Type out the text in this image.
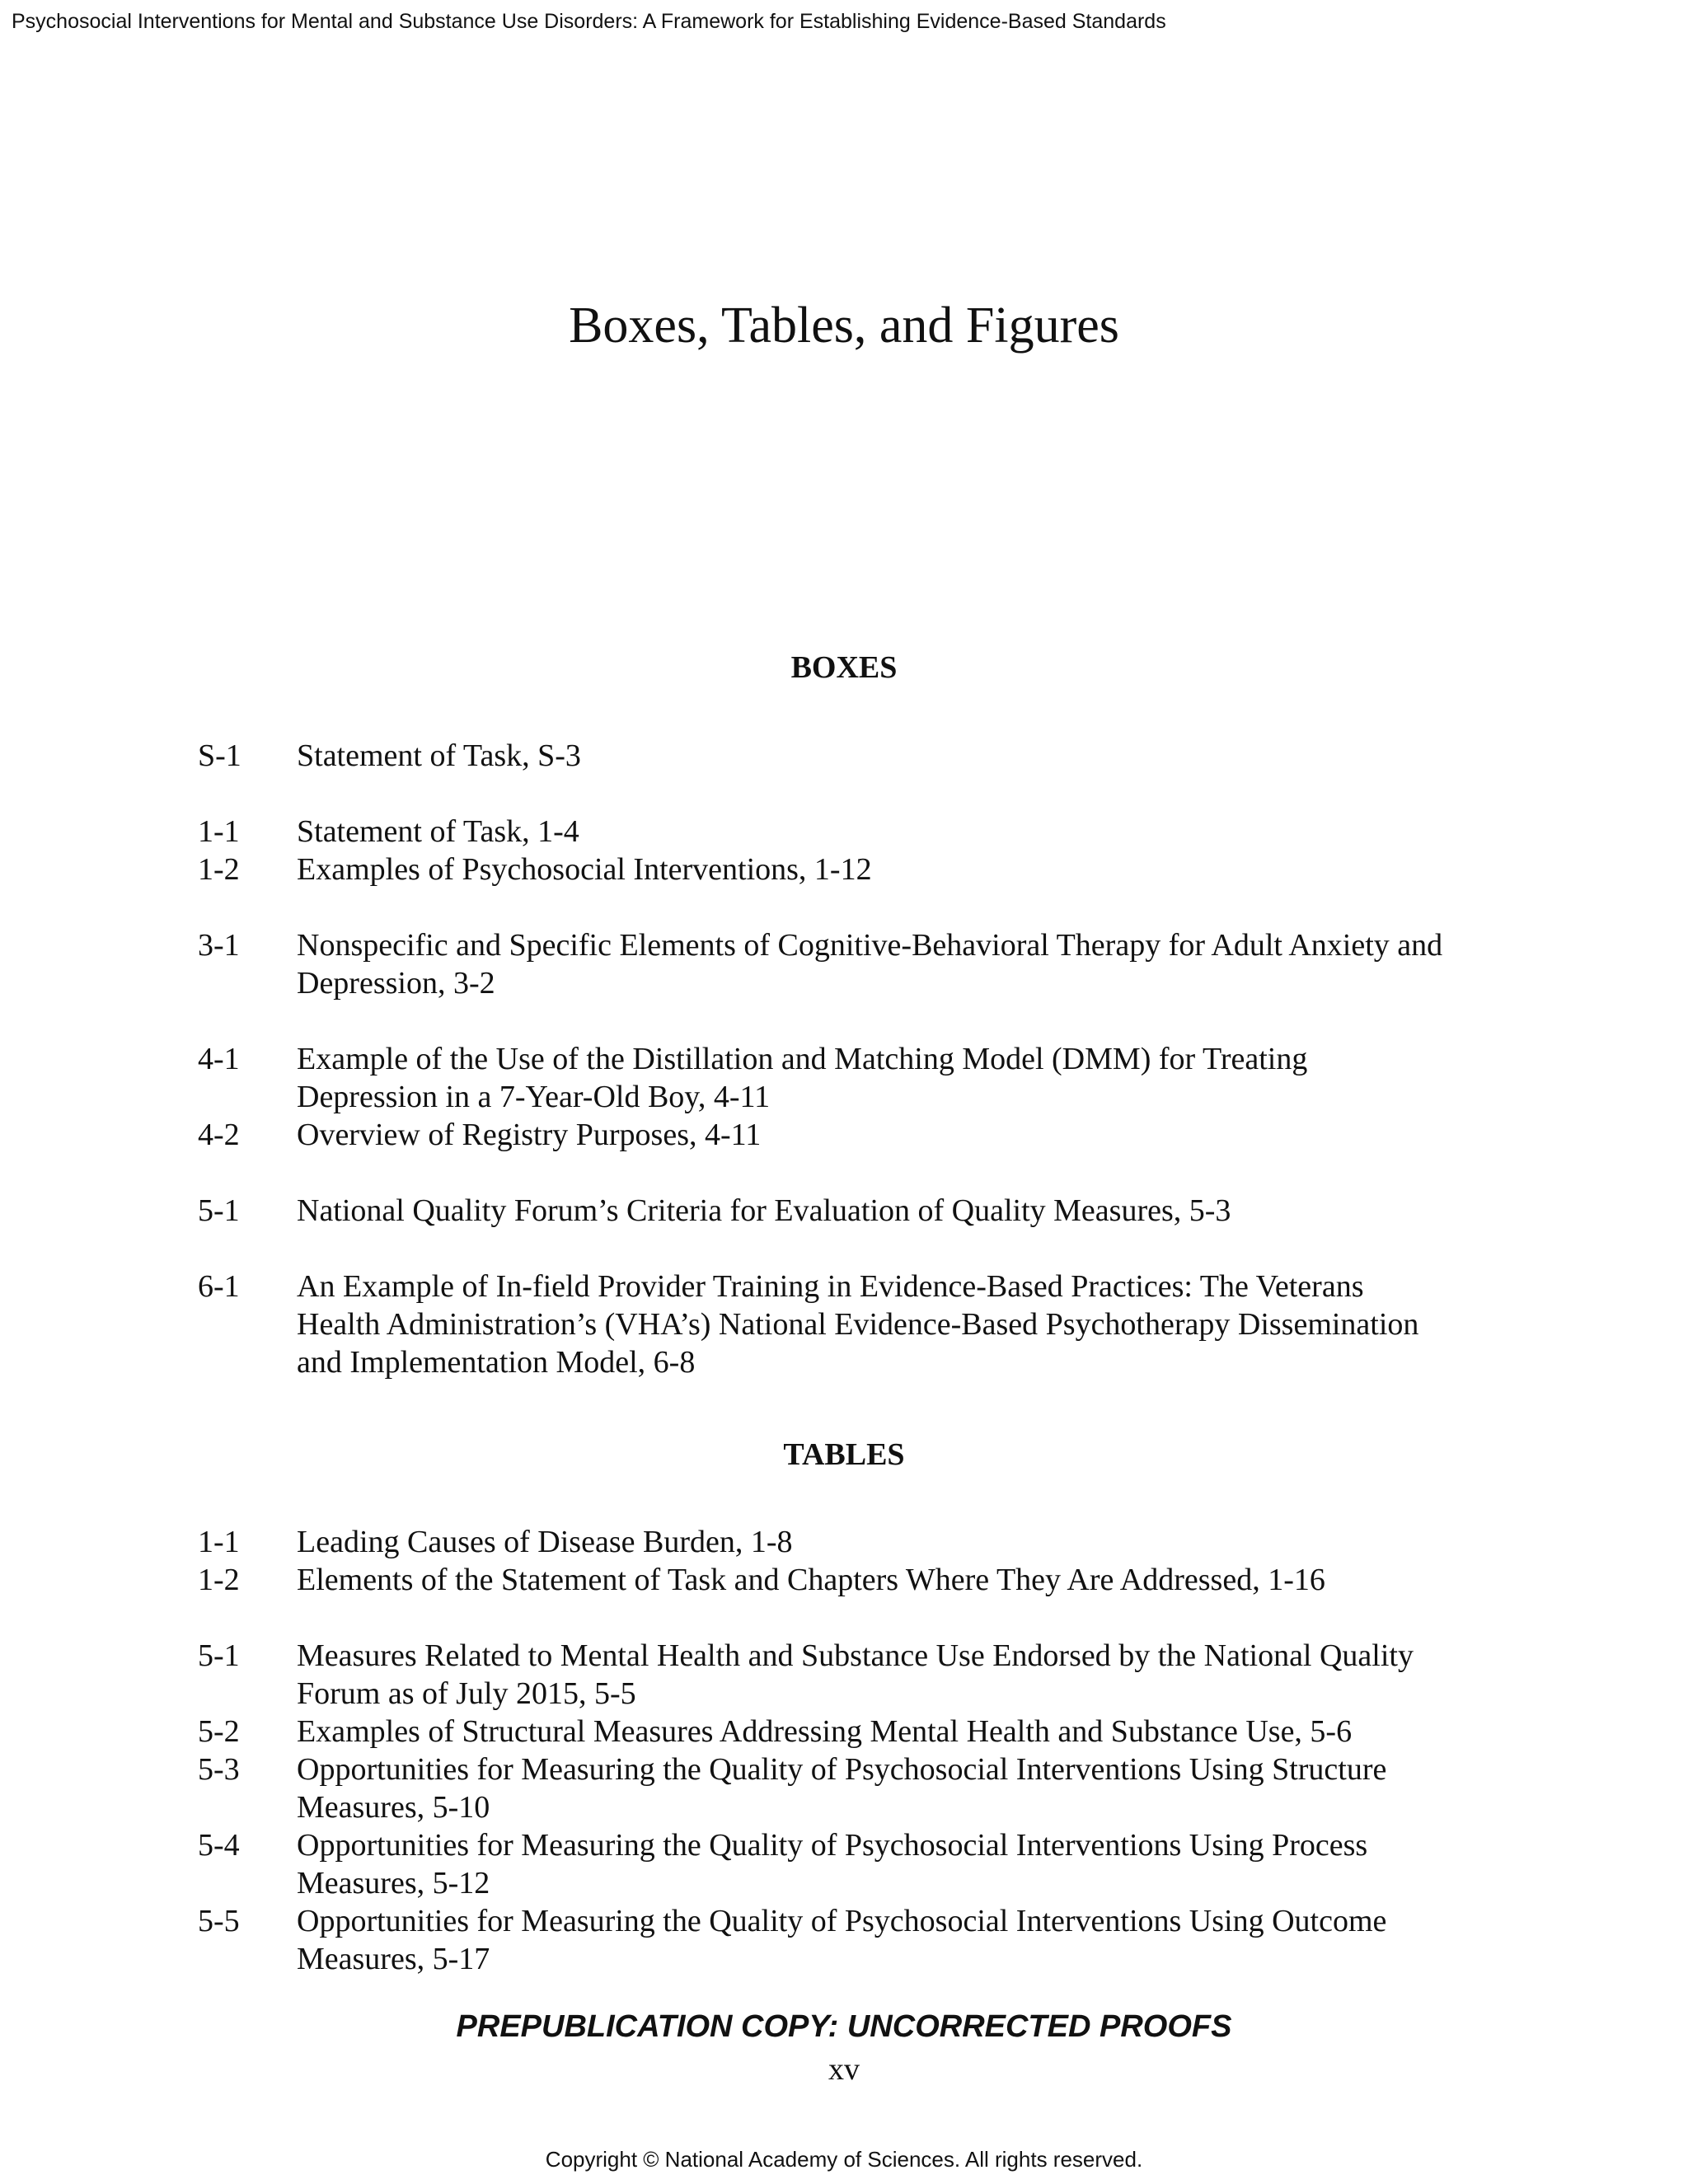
Psychosocial Interventions for Mental and Substance Use Disorders: A Framework for Establishing Evidence-Based Standards
Boxes, Tables, and Figures
BOXES
S-1	Statement of Task, S-3
1-1	Statement of Task, 1-4
1-2	Examples of Psychosocial Interventions, 1-12
3-1	Nonspecific and Specific Elements of Cognitive-Behavioral Therapy for Adult Anxiety and Depression, 3-2
4-1	Example of the Use of the Distillation and Matching Model (DMM) for Treating Depression in a 7-Year-Old Boy, 4-11
4-2	Overview of Registry Purposes, 4-11
5-1	National Quality Forum’s Criteria for Evaluation of Quality Measures, 5-3
6-1	An Example of In-field Provider Training in Evidence-Based Practices: The Veterans Health Administration’s (VHA’s) National Evidence-Based Psychotherapy Dissemination and Implementation Model, 6-8
TABLES
1-1	Leading Causes of Disease Burden, 1-8
1-2	Elements of the Statement of Task and Chapters Where They Are Addressed, 1-16
5-1	Measures Related to Mental Health and Substance Use Endorsed by the National Quality Forum as of July 2015, 5-5
5-2	Examples of Structural Measures Addressing Mental Health and Substance Use, 5-6
5-3	Opportunities for Measuring the Quality of Psychosocial Interventions Using Structure Measures, 5-10
5-4	Opportunities for Measuring the Quality of Psychosocial Interventions Using Process Measures, 5-12
5-5	Opportunities for Measuring the Quality of Psychosocial Interventions Using Outcome Measures, 5-17
PREPUBLICATION COPY: UNCORRECTED PROOFS
xv
Copyright © National Academy of Sciences. All rights reserved.
